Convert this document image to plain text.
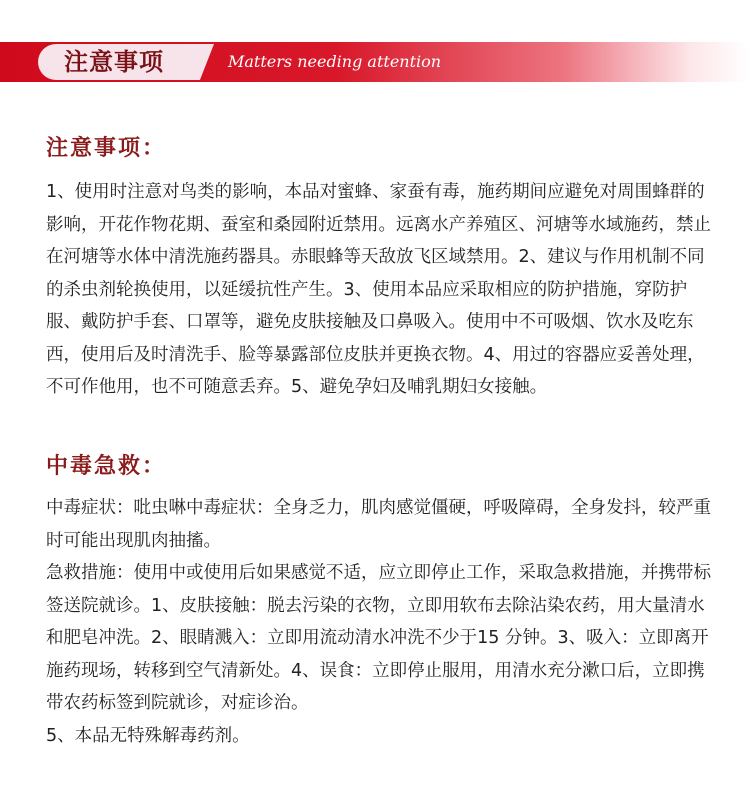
注意事项	Matters needing attention
注意事项：

1、使用时注意对鸟类的影响，本品对蜜蜂、家蚕有毒，施药期间应避免对周围蜂群的影响，开花作物花期、蚕室和桑园附近禁用。远离水产养殖区、河塘等水域施药，禁止在河塘等水体中清洗施药器具。赤眼蜂等天敌放飞区域禁用。2、建议与作用机制不同的杀虫剂轮换使用，以延缓抗性产生。3、使用本品应采取相应的防护措施，穿防护服、戴防护手套、口罩等，避免皮肤接触及口鼻吸入。使用中不可吸烟、饮水及吃东西，使用后及时清洗手、脸等暴露部位皮肤并更换衣物。4、用过的容器应妥善处理，不可作他用，也不可随意丢弃。5、避免孕妇及哺乳期妇女接触。

中毒急救：

中毒症状：吡虫啉中毒症状：全身乏力，肌肉感觉僵硬，呼吸障碍，全身发抖，较严重时可能出现肌肉抽搐。

急救措施：使用中或使用后如果感觉不适，应立即停止工作，采取急救措施，并携带标签送院就诊。1、皮肤接触：脱去污染的衣物，立即用软布去除沾染农药，用大量清水和肥皂冲洗。2、眼睛溅入：立即用流动清水冲洗不少于15 分钟。3、吸入：立即离开施药现场，转移到空气清新处。4、误食：立即停止服用，用清水充分漱口后，立即携带农药标签到院就诊，对症诊治。

5、本品无特殊解毒药剂。
